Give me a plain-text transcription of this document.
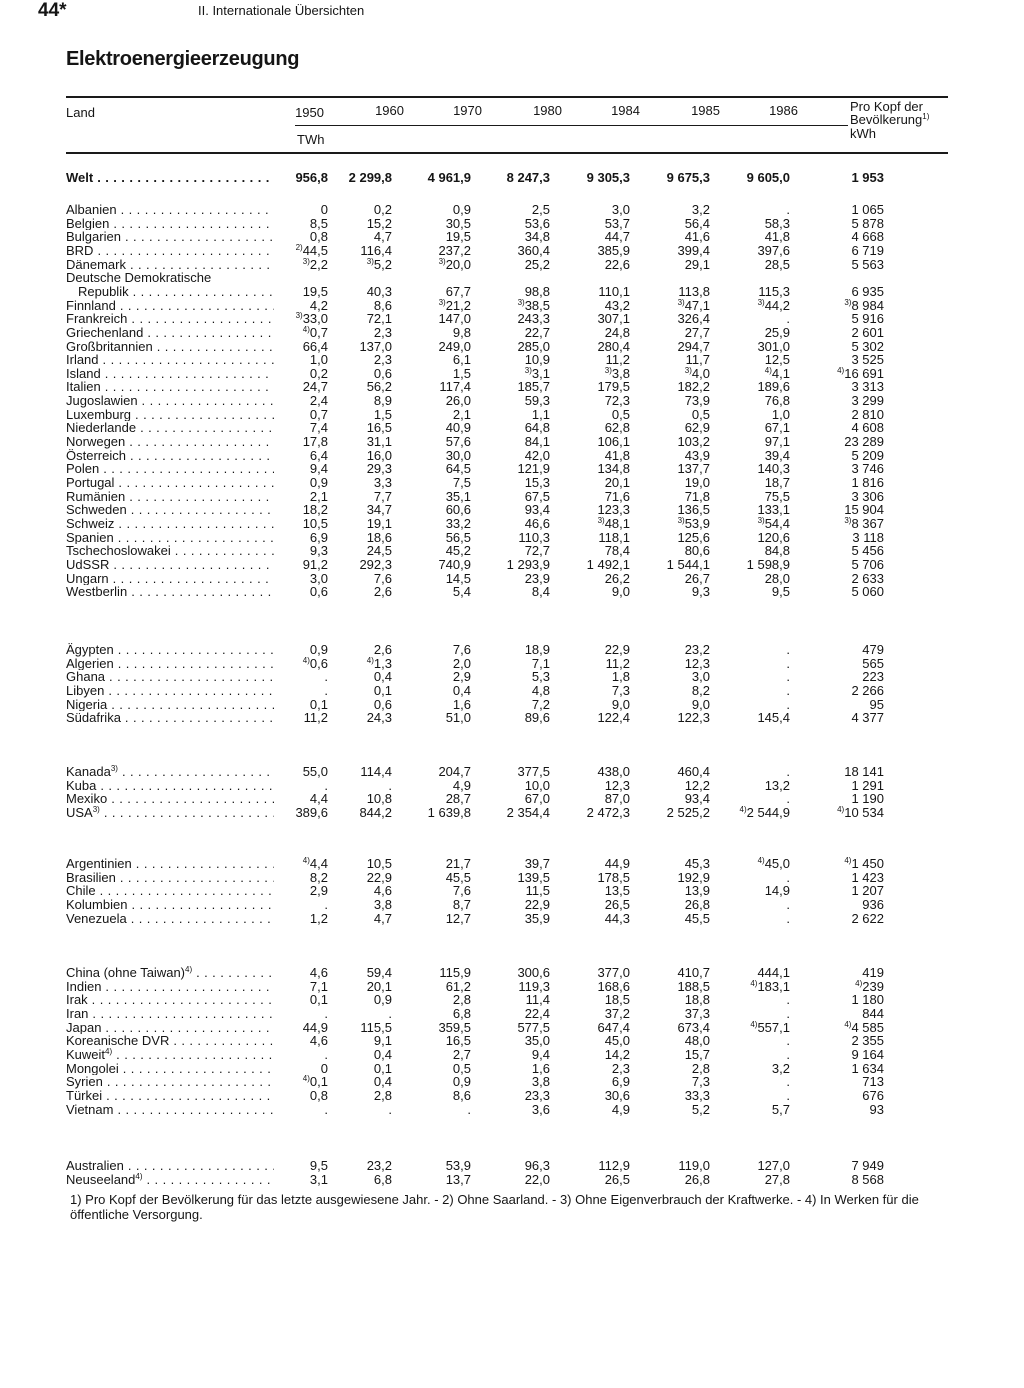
44*	II. Internationale Übersichten
Elektroenergieerzeugung
Land	1950	1960	1970	1980	1984	1985	1986	Pro Kopf der
Bevölkerung$^{1)}$
kWh
TWh
Welt . . .	956,8	2 299,8	4 961,9	8 247,3	9 305,3	9 675,3	9 605,0	1 953
Albanien . . .	0	0,2	0,9	2,5	3,0	3,2	.	1 065
Belgien . . .	8,5	15,2	30,5	53,6	53,7	56,4	58,3	5 878
Bulgarien . . .	0,8	4,7	19,5	34,8	44,7	41,6	41,8	4 668
BRD . . .	$^{2)}$44,5	116,4	237,2	360,4	385,9	399,4	397,6	6 719
Dänemark . . .	$^{3)}$2,2	$^{3)}$5,2	$^{3)}$20,0	25,2	22,6	29,1	28,5	5 563
Deutsche Demokratische
Republik . . .	19,5	40,3	67,7	98,8	110,1	113,8	115,3	6 935
Finnland . . .	4,2	8,6	$^{3)}$21,2	$^{3)}$38,5	43,2	$^{3)}$47,1	$^{3)}$44,2	$^{3)}$8 984
Frankreich . . .	$^{3)}$33,0	72,1	147,0	243,3	307,1	326,4	.	5 916
Griechenland . . .	$^{4)}$0,7	2,3	9,8	22,7	24,8	27,7	25,9	2 601
Großbritannien . . .	66,4	137,0	249,0	285,0	280,4	294,7	301,0	5 302
Irland . . .	1,0	2,3	6,1	10,9	11,2	11,7	12,5	3 525
Island . . .	0,2	0,6	1,5	$^{3)}$3,1	$^{3)}$3,8	$^{3)}$4,0	$^{4)}$4,1	$^{4)}$16 691
Italien . . .	24,7	56,2	117,4	185,7	179,5	182,2	189,6	3 313
Jugoslawien . . .	2,4	8,9	26,0	59,3	72,3	73,9	76,8	3 299
Luxemburg . . .	0,7	1,5	2,1	1,1	0,5	0,5	1,0	2 810
Niederlande . . .	7,4	16,5	40,9	64,8	62,8	62,9	67,1	4 608
Norwegen . . .	17,8	31,1	57,6	84,1	106,1	103,2	97,1	23 289
Österreich . . .	6,4	16,0	30,0	42,0	41,8	43,9	39,4	5 209
Polen . . .	9,4	29,3	64,5	121,9	134,8	137,7	140,3	3 746
Portugal . . .	0,9	3,3	7,5	15,3	20,1	19,0	18,7	1 816
Rumänien . . .	2,1	7,7	35,1	67,5	71,6	71,8	75,5	3 306
Schweden . . .	18,2	34,7	60,6	93,4	123,3	136,5	133,1	15 904
Schweiz . . .	10,5	19,1	33,2	46,6	$^{3)}$48,1	$^{3)}$53,9	$^{3)}$54,4	$^{3)}$8 367
Spanien . . .	6,9	18,6	56,5	110,3	118,1	125,6	120,6	3 118
Tschechoslowakei . . .	9,3	24,5	45,2	72,7	78,4	80,6	84,8	5 456
UdSSR . . .	91,2	292,3	740,9	1 293,9	1 492,1	1 544,1	1 598,9	5 706
Ungarn . . .	3,0	7,6	14,5	23,9	26,2	26,7	28,0	2 633
Westberlin . . .	0,6	2,6	5,4	8,4	9,0	9,3	9,5	5 060
Ägypten . . .	0,9	2,6	7,6	18,9	22,9	23,2	.	479
Algerien . . .	$^{4)}$0,6	$^{4)}$1,3	2,0	7,1	11,2	12,3	.	565
Ghana . . .	.	0,4	2,9	5,3	1,8	3,0	.	223
Libyen . . .	.	0,1	0,4	4,8	7,3	8,2	.	2 266
Nigeria . . .	0,1	0,6	1,6	7,2	9,0	9,0	.	95
Südafrika . . .	11,2	24,3	51,0	89,6	122,4	122,3	145,4	4 377
Kanada$^{3)}$ . . .	55,0	114,4	204,7	377,5	438,0	460,4	.	18 141
Kuba . . .	.	.	4,9	10,0	12,3	12,2	13,2	1 291
Mexiko . . .	4,4	10,8	28,7	67,0	87,0	93,4	.	1 190
USA$^{3)}$ . . .	389,6	844,2	1 639,8	2 354,4	2 472,3	2 525,2	$^{4)}$2 544,9	$^{4)}$10 534
Argentinien . . .	$^{4)}$4,4	10,5	21,7	39,7	44,9	45,3	$^{4)}$45,0	$^{4)}$1 450
Brasilien . . .	8,2	22,9	45,5	139,5	178,5	192,9	.	1 423
Chile . . .	2,9	4,6	7,6	11,5	13,5	13,9	14,9	1 207
Kolumbien . . .	.	3,8	8,7	22,9	26,5	26,8	.	936
Venezuela . . .	1,2	4,7	12,7	35,9	44,3	45,5	.	2 622
China (ohne Taiwan)$^{4)}$ . . .	4,6	59,4	115,9	300,6	377,0	410,7	444,1	419
Indien . . .	7,1	20,1	61,2	119,3	168,6	188,5	$^{4)}$183,1	$^{4)}$239
Irak . . .	0,1	0,9	2,8	11,4	18,5	18,8	.	1 180
Iran . . .	.	.	6,8	22,4	37,2	37,3	.	844
Japan . . .	44,9	115,5	359,5	577,5	647,4	673,4	$^{4)}$557,1	$^{4)}$4 585
Koreanische DVR . . .	4,6	9,1	16,5	35,0	45,0	48,0	.	2 355
Kuweit$^{4)}$ . . .	.	0,4	2,7	9,4	14,2	15,7	.	9 164
Mongolei . . .	0	0,1	0,5	1,6	2,3	2,8	3,2	1 634
Syrien . . .	$^{4)}$0,1	0,4	0,9	3,8	6,9	7,3	.	713
Türkei . . .	0,8	2,8	8,6	23,3	30,6	33,3	.	676
Vietnam . . .	.	.	.	3,6	4,9	5,2	5,7	93
Australien . . .	9,5	23,2	53,9	96,3	112,9	119,0	127,0	7 949
Neuseeland$^{4)}$ . . .	3,1	6,8	13,7	22,0	26,5	26,8	27,8	8 568
1) Pro Kopf der Bevölkerung für das letzte ausgewiesene Jahr. - 2) Ohne Saarland. - 3) Ohne Eigenverbrauch der Kraftwerke. - 4) In Werken für die öffentliche Versorgung.
